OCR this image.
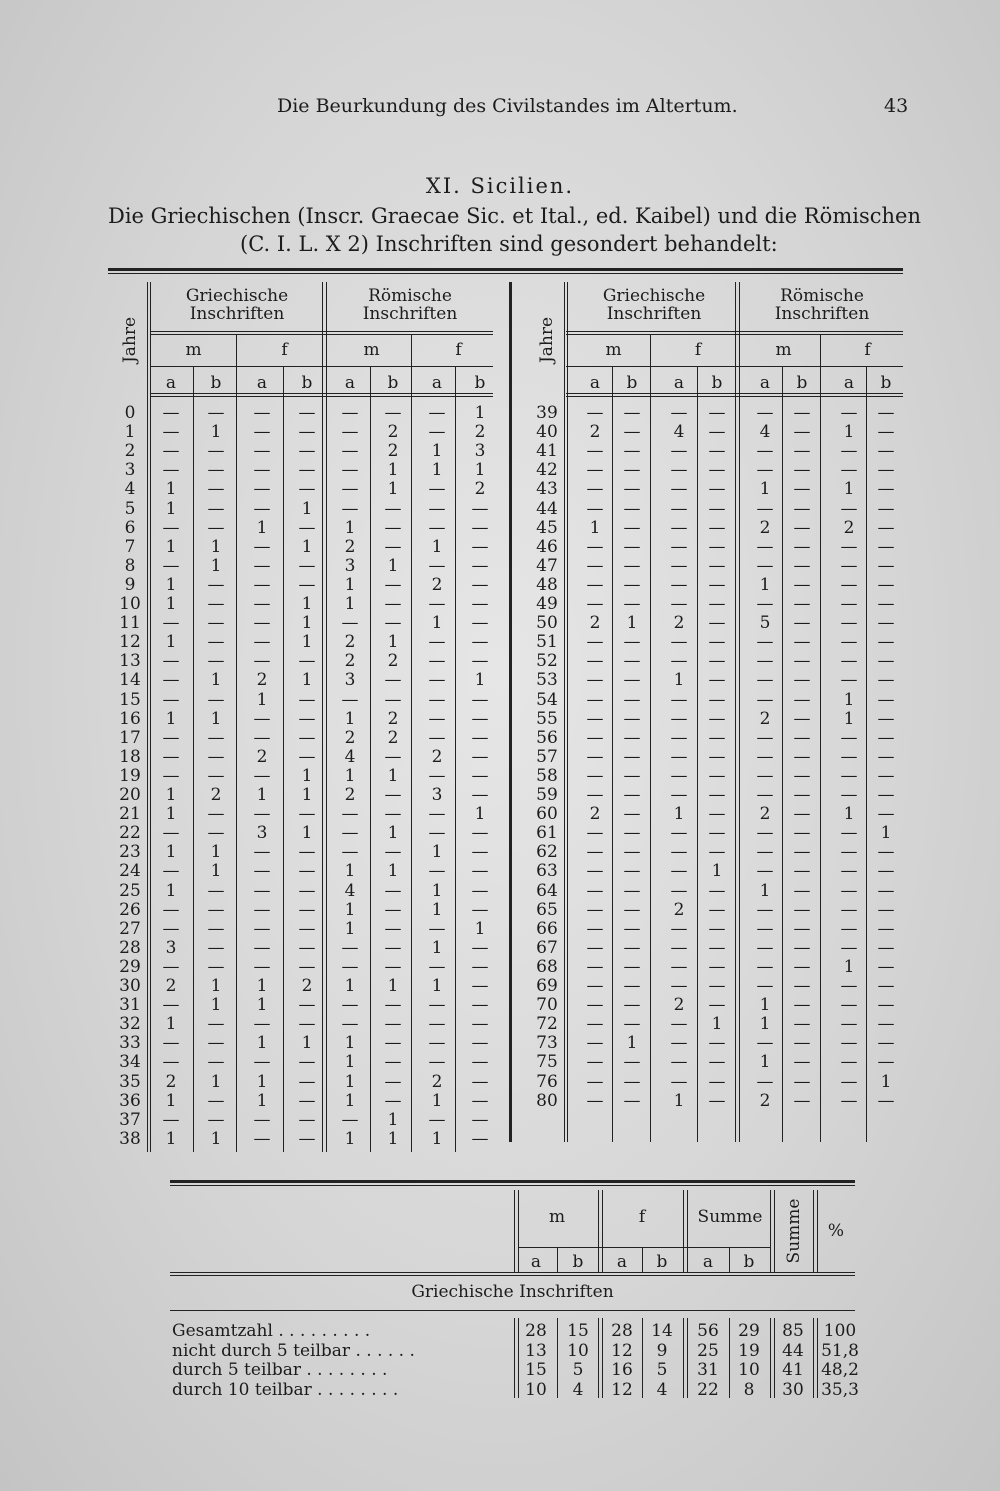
Die Beurkundung des Civilstandes im Altertum.	43
XI. Sicilien.
Die Griechischen (Inscr. Graecae Sic. et Ital., ed. Kaibel) und die Römischen
(C. I. L. X 2) Inschriften sind gesondert behandelt:
Jahre
Griechische Inschriften
Römische Inschriften
m	f	m	f
a	b	a	b	a	b	a	b
Jahre
Griechische Inschriften
Römische Inschriften
m	f	m	f
a	b	a	b	a	b	a	b
0	—	—	—	—	—	—	—	1
1	—	1	—	—	—	2	—	2
2	—	—	—	—	—	2	1	3
3	—	—	—	—	—	1	1	1
4	1	—	—	—	—	1	—	2
5	1	—	—	1	—	—	—	—
6	—	—	1	—	1	—	—	—
7	1	1	—	1	2	—	1	—
8	—	1	—	—	3	1	—	—
9	1	—	—	—	1	—	2	—
10	1	—	—	1	1	—	—	—
11	—	—	—	1	—	—	1	—
12	1	—	—	1	2	1	—	—
13	—	—	—	—	2	2	—	—
14	—	1	2	1	3	—	—	1
15	—	—	1	—	—	—	—	—
16	1	1	—	—	1	2	—	—
17	—	—	—	—	2	2	—	—
18	—	—	2	—	4	—	2	—
19	—	—	—	1	1	1	—	—
20	1	2	1	1	2	—	3	—
21	1	—	—	—	—	—	—	1
22	—	—	3	1	—	1	—	—
23	1	1	—	—	—	—	1	—
24	—	1	—	—	1	1	—	—
25	1	—	—	—	4	—	1	—
26	—	—	—	—	1	—	1	—
27	—	—	—	—	1	—	—	1
28	3	—	—	—	—	—	1	—
29	—	—	—	—	—	—	—	—
30	2	1	1	2	1	1	1	—
31	—	1	1	—	—	—	—	—
32	1	—	—	—	—	—	—	—
33	—	—	1	1	1	—	—	—
34	—	—	—	—	1	—	—	—
35	2	1	1	—	1	—	2	—
36	1	—	1	—	1	—	1	—
37	—	—	—	—	—	1	—	—
38	1	1	—	—	1	1	1	—
39	—	—	—	—	—	—	—	—
40	2	—	4	—	4	—	1	—
41	—	—	—	—	—	—	—	—
42	—	—	—	—	—	—	—	—
43	—	—	—	—	1	—	1	—
44	—	—	—	—	—	—	—	—
45	1	—	—	—	2	—	2	—
46	—	—	—	—	—	—	—	—
47	—	—	—	—	—	—	—	—
48	—	—	—	—	1	—	—	—
49	—	—	—	—	—	—	—	—
50	2	1	2	—	5	—	—	—
51	—	—	—	—	—	—	—	—
52	—	—	—	—	—	—	—	—
53	—	—	1	—	—	—	—	—
54	—	—	—	—	—	—	1	—
55	—	—	—	—	2	—	1	—
56	—	—	—	—	—	—	—	—
57	—	—	—	—	—	—	—	—
58	—	—	—	—	—	—	—	—
59	—	—	—	—	—	—	—	—
60	2	—	1	—	2	—	1	—
61	—	—	—	—	—	—	—	1
62	—	—	—	—	—	—	—	—
63	—	—	—	1	—	—	—	—
64	—	—	—	—	1	—	—	—
65	—	—	2	—	—	—	—	—
66	—	—	—	—	—	—	—	—
67	—	—	—	—	—	—	—	—
68	—	—	—	—	—	—	1	—
69	—	—	—	—	—	—	—	—
70	—	—	2	—	1	—	—	—
72	—	—	—	1	1	—	—	—
73	—	1	—	—	—	—	—	—
75	—	—	—	—	1	—	—	—
76	—	—	—	—	—	—	—	1
80	—	—	1	—	2	—	—	—
m	f	Summe	Summe	%
a	b	a	b	a	b
Griechische Inschriften
Gesamtzahl . . . . . . . . .	28	15	28	14	56	29	85	100
nicht durch 5 teilbar . . . . . .	13	10	12	9	25	19	44	51,8
durch 5 teilbar . . . . . . . .	15	5	16	5	31	10	41	48,2
durch 10 teilbar . . . . . . . .	10	4	12	4	22	8	30	35,3
